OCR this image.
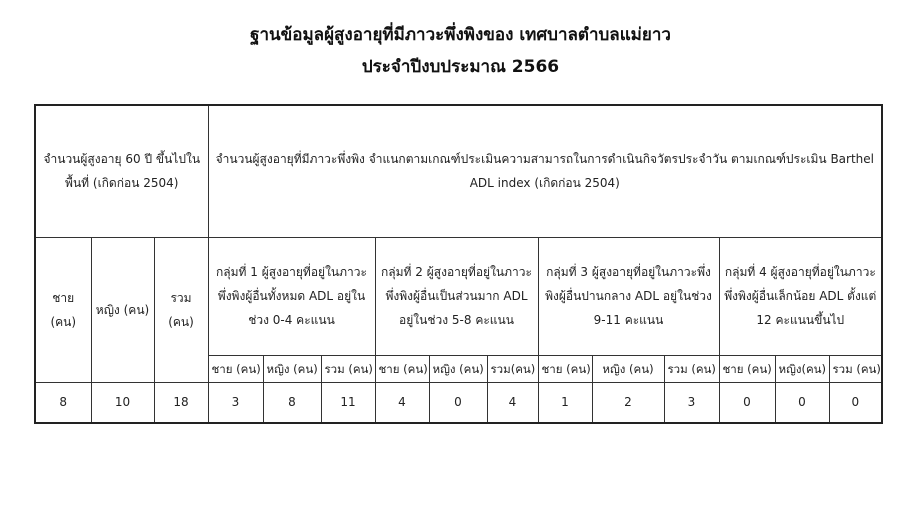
ฐานข้อมูลผู้สูงอายุที่มีภาวะพึ่งพิงของ เทศบาลตำบลแม่ยาว
ประจำปีงบประมาณ 2566
จำนวนผู้สูงอายุ 60 ปี ขึ้นไปในพื้นที่ (เกิดก่อน 2504)			จำนวนผู้สูงอายุที่มีภาวะพึ่งพิง จำแนกตามเกณฑ์ประเมินความสามารถในการดำเนินกิจวัตรประจำวัน ตามเกณฑ์ประเมิน Barthel ADL index (เกิดก่อน 2504)											
ชาย (คน)	หญิง (คน)	รวม (คน)	กลุ่มที่ 1 ผู้สูงอายุที่อยู่ในภาวะพึ่งพิงผู้อื่นทั้งหมด ADL อยู่ในช่วง 0-4 คะแนน			กลุ่มที่ 2 ผู้สูงอายุที่อยู่ในภาวะพึ่งพิงผู้อื่นเป็นส่วนมาก ADL อยู่ในช่วง 5-8 คะแนน			กลุ่มที่ 3 ผู้สูงอายุที่อยู่ในภาวะพึ่งพิงผู้อื่นปานกลาง ADL อยู่ในช่วง 9-11 คะแนน			กลุ่มที่ 4 ผู้สูงอายุที่อยู่ในภาวะพึ่งพิงผู้อื่นเล็กน้อย ADL ตั้งแต่ 12 คะแนนขึ้นไป		
			ชาย (คน)	หญิง (คน)	รวม (คน)	ชาย (คน)	หญิง (คน)	รวม(คน)	ชาย (คน)	หญิง (คน)	รวม (คน)	ชาย (คน)	หญิง(คน)	รวม (คน)
8	10	18	3	8	11	4	0	4	1	2	3	0	0	0
